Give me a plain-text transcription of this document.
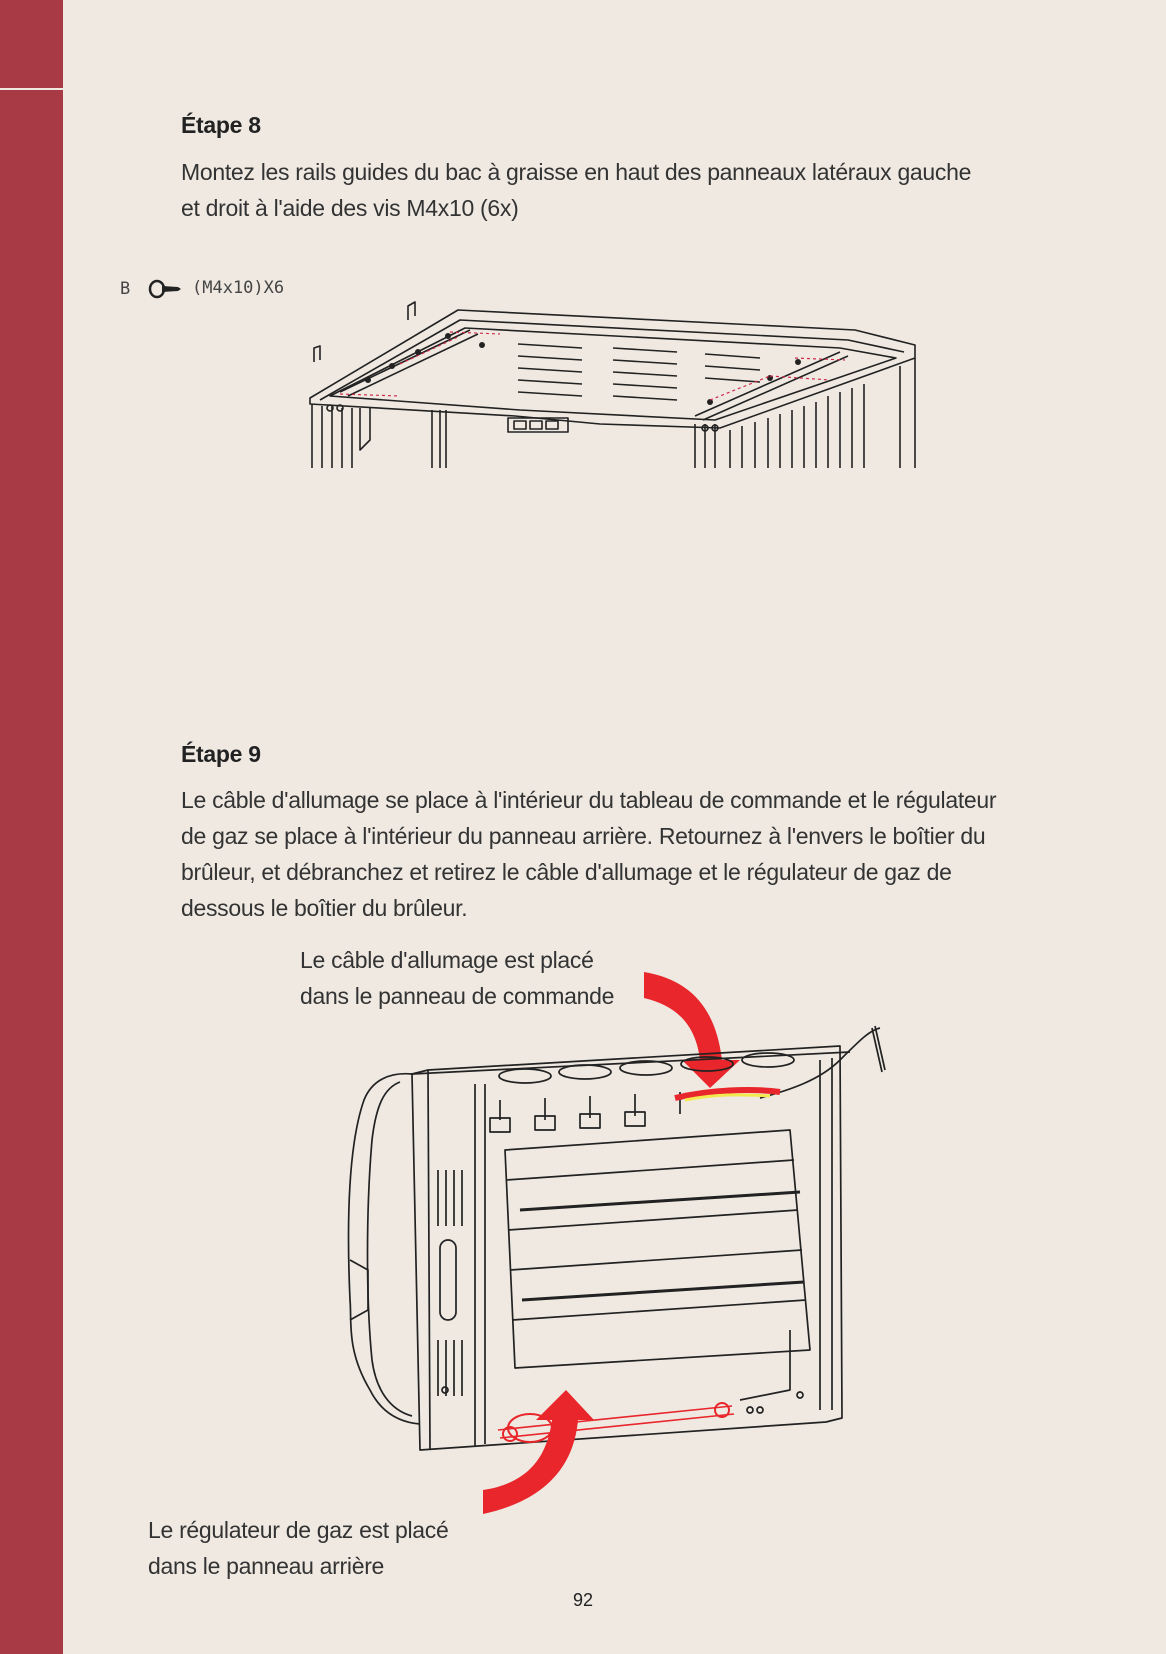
Étape 8

Montez les rails guides du bac à graisse en haut des panneaux latéraux gauche

et droit à l'aide des vis M4x10 (6x)

B	(M4x10)X6
Étape 9

Le câble d'allumage se place à l'intérieur du tableau de commande et le régulateur

de gaz se place à l'intérieur du panneau arrière. Retournez à l'envers le boîtier du

brûleur, et débranchez et retirez le câble d'allumage et le régulateur de gaz de

dessous le boîtier du brûleur.

Le câble d'allumage est placé

dans le panneau de commande

Le régulateur de gaz est placé

dans le panneau arrière

92
